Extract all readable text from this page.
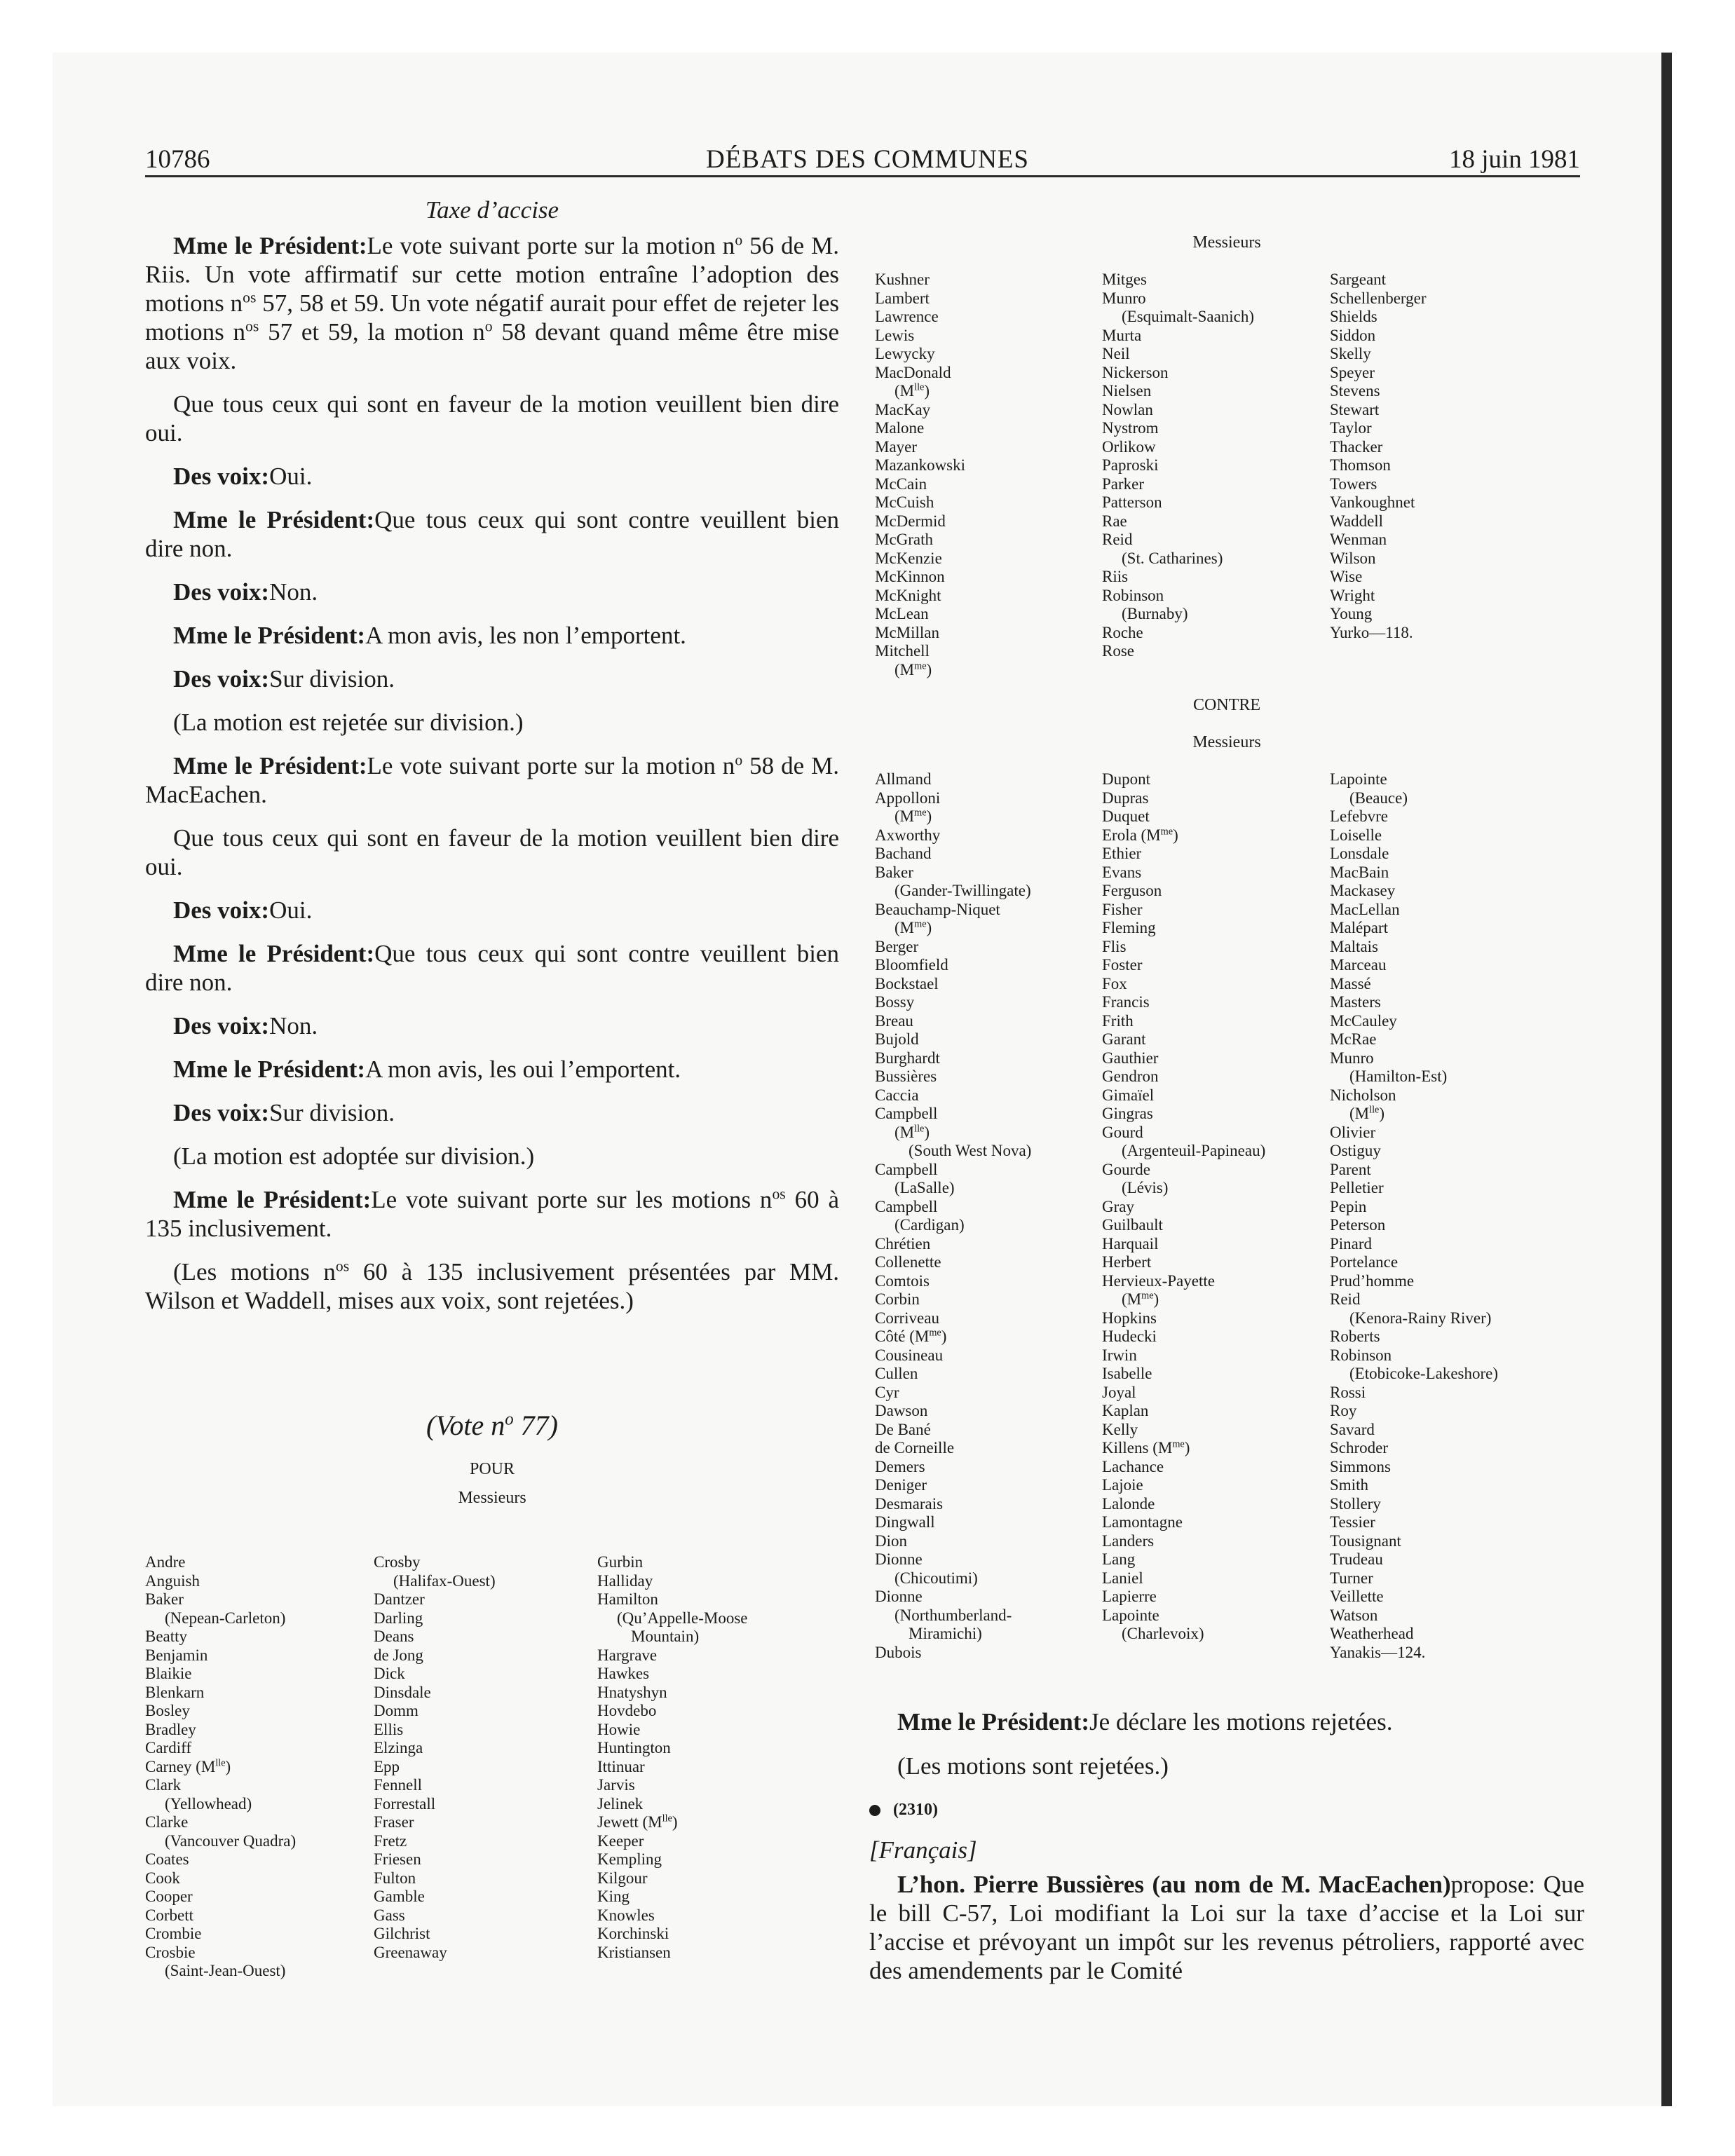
10786	DÉBATS DES COMMUNES	18 juin 1981
Taxe d’accise

Mme le Président:Le vote suivant porte sur la motion $n^o$ 56 de M. Riis. Un vote affirmatif sur cette motion entraîne l’adoption des motions $n^{os}$ 57, 58 et 59. Un vote négatif aurait pour effet de rejeter les motions $n^{os}$ 57 et 59, la motion $n^o$ 58 devant quand même être mise aux voix.

Que tous ceux qui sont en faveur de la motion veuillent bien dire oui.

Des voix:Oui.

Mme le Président:Que tous ceux qui sont contre veuillent bien dire non.

Des voix:Non.

Mme le Président:A mon avis, les non l’emportent.

Des voix:Sur division.

(La motion est rejetée sur division.)

Mme le Président:Le vote suivant porte sur la motion $n^o$ 58 de M. MacEachen.

Que tous ceux qui sont en faveur de la motion veuillent bien dire oui.

Des voix:Oui.

Mme le Président:Que tous ceux qui sont contre veuillent bien dire non.

Des voix:Non.

Mme le Président:A mon avis, les oui l’emportent.

Des voix:Sur division.

(La motion est adoptée sur division.)

Mme le Président:Le vote suivant porte sur les motions $n^{os}$ 60 à 135 inclusivement.

(Les motions $n^{os}$ 60 à 135 inclusivement présentées par MM. Wilson et Waddell, mises aux voix, sont rejetées.)

(Vote $n^o$ 77)

POUR

Messieurs

Andre
Anguish
Baker
(Nepean-Carleton)
Beatty
Benjamin
Blaikie
Blenkarn
Bosley
Bradley
Cardiff
Carney $(M^{lle})$
Clark
(Yellowhead)
Clarke
(Vancouver Quadra)
Coates
Cook
Cooper
Corbett
Crombie
Crosbie
(Saint-Jean-Ouest)
Crosby
(Halifax-Ouest)
Dantzer
Darling
Deans
de Jong
Dick
Dinsdale
Domm
Ellis
Elzinga
Epp
Fennell
Forrestall
Fraser
Fretz
Friesen
Fulton
Gamble
Gass
Gilchrist
Greenaway
Gurbin
Halliday
Hamilton
(Qu’Appelle-Moose
Mountain)
Hargrave
Hawkes
Hnatyshyn
Hovdebo
Howie
Huntington
Ittinuar
Jarvis
Jelinek
Jewett $(M^{lle})$
Keeper
Kempling
Kilgour
King
Knowles
Korchinski
Kristiansen
Messieurs
Kushner
Lambert
Lawrence
Lewis
Lewycky
MacDonald
$(M^{lle})$
MacKay
Malone
Mayer
Mazankowski
McCain
McCuish
McDermid
McGrath
McKenzie
McKinnon
McKnight
McLean
McMillan
Mitchell
$(M^{me})$
Mitges
Munro
(Esquimalt-Saanich)
Murta
Neil
Nickerson
Nielsen
Nowlan
Nystrom
Orlikow
Paproski
Parker
Patterson
Rae
Reid
(St. Catharines)
Riis
Robinson
(Burnaby)
Roche
Rose
Sargeant
Schellenberger
Shields
Siddon
Skelly
Speyer
Stevens
Stewart
Taylor
Thacker
Thomson
Towers
Vankoughnet
Waddell
Wenman
Wilson
Wise
Wright
Young
Yurko—118.
CONTRE
Messieurs
Allmand
Appolloni
$(M^{me})$
Axworthy
Bachand
Baker
(Gander-Twillingate)
Beauchamp-Niquet
$(M^{me})$
Berger
Bloomfield
Bockstael
Bossy
Breau
Bujold
Burghardt
Bussières
Caccia
Campbell
$(M^{lle})$
(South West Nova)
Campbell
(LaSalle)
Campbell
(Cardigan)
Chrétien
Collenette
Comtois
Corbin
Corriveau
Côté $(M^{me})$
Cousineau
Cullen
Cyr
Dawson
De Bané
de Corneille
Demers
Deniger
Desmarais
Dingwall
Dion
Dionne
(Chicoutimi)
Dionne
(Northumberland-
Miramichi)
Dubois
Dupont
Dupras
Duquet
Erola $(M^{me})$
Ethier
Evans
Ferguson
Fisher
Fleming
Flis
Foster
Fox
Francis
Frith
Garant
Gauthier
Gendron
Gimaïel
Gingras
Gourd
(Argenteuil-Papineau)
Gourde
(Lévis)
Gray
Guilbault
Harquail
Herbert
Hervieux-Payette
$(M^{me})$
Hopkins
Hudecki
Irwin
Isabelle
Joyal
Kaplan
Kelly
Killens $(M^{me})$
Lachance
Lajoie
Lalonde
Lamontagne
Landers
Lang
Laniel
Lapierre
Lapointe
(Charlevoix)
Lapointe
(Beauce)
Lefebvre
Loiselle
Lonsdale
MacBain
Mackasey
MacLellan
Malépart
Maltais
Marceau
Massé
Masters
McCauley
McRae
Munro
(Hamilton-Est)
Nicholson
$(M^{lle})$
Olivier
Ostiguy
Parent
Pelletier
Pepin
Peterson
Pinard
Portelance
Prud’homme
Reid
(Kenora-Rainy River)
Roberts
Robinson
(Etobicoke-Lakeshore)
Rossi
Roy
Savard
Schroder
Simmons
Smith
Stollery
Tessier
Tousignant
Trudeau
Turner
Veillette
Watson
Weatherhead
Yanakis—124.

Mme le Président:Je déclare les motions rejetées.

(Les motions sont rejetées.)

(2310)

[Français]

L’hon. Pierre Bussières (au nom de M. MacEachen)propose: Que le bill C-57, Loi modifiant la Loi sur la taxe d’accise et la Loi sur l’accise et prévoyant un impôt sur les revenus pétroliers, rapporté avec des amendements par le Comité
